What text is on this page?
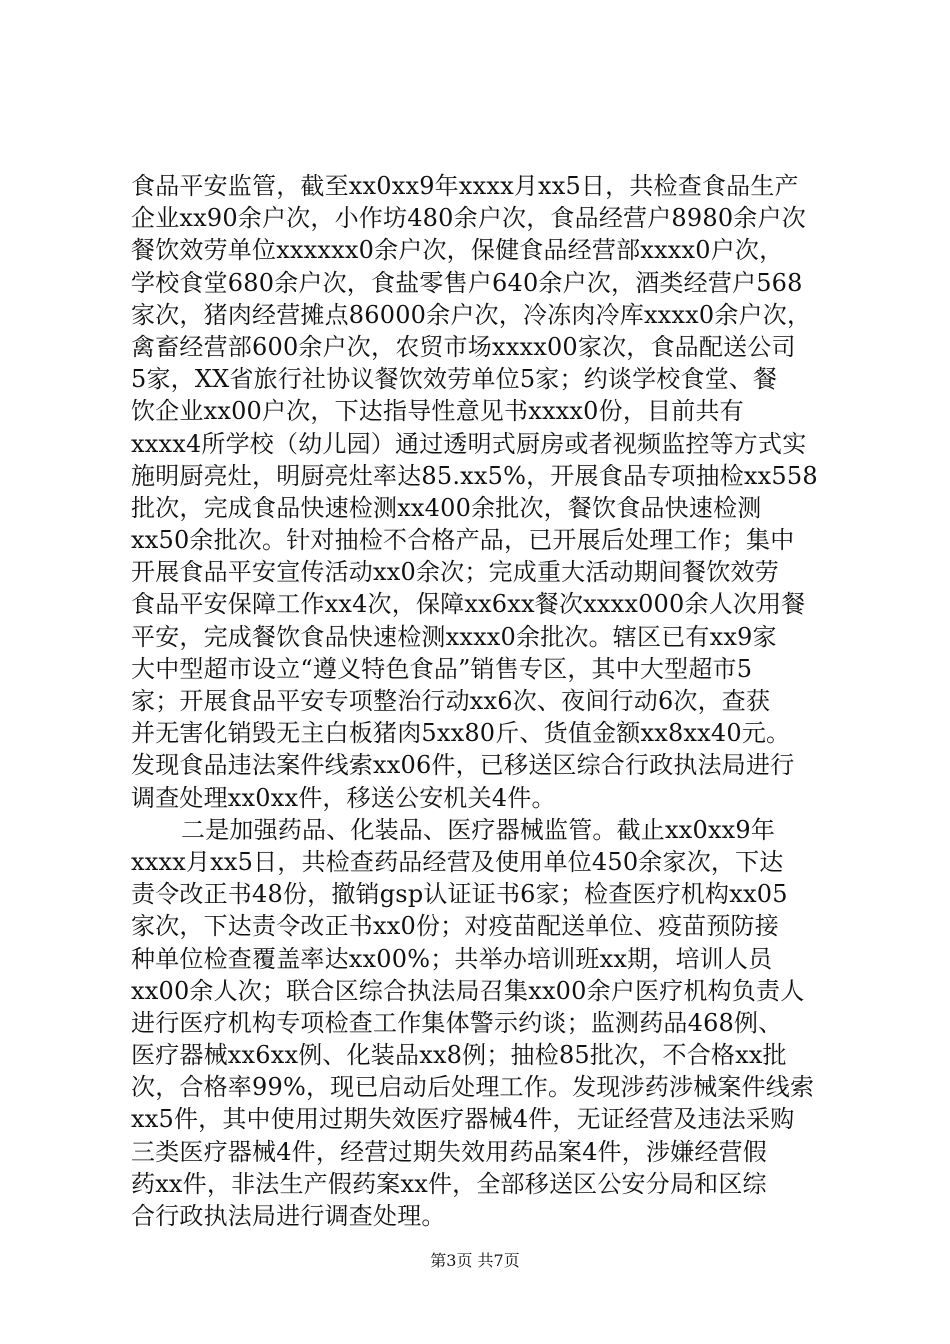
食品平安监管，截至xx0xx9年xxxx月xx5日，共检查食品生产
企业xx90余户次，小作坊480余户次，食品经营户8980余户次
餐饮效劳单位xxxxxx0余户次，保健食品经营部xxxx0户次，
学校食堂680余户次，食盐零售户640余户次，酒类经营户568
家次，猪肉经营摊点86000余户次，冷冻肉冷库xxxx0余户次，
禽畜经营部600余户次，农贸市场xxxx00家次，食品配送公司
5家，XX省旅行社协议餐饮效劳单位5家；约谈学校食堂、餐
饮企业xx00户次，下达指导性意见书xxxx0份，目前共有
xxxx4所学校（幼儿园）通过透明式厨房或者视频监控等方式实
施明厨亮灶，明厨亮灶率达85.xx5%，开展食品专项抽检xx558
批次，完成食品快速检测xx400余批次，餐饮食品快速检测
xx50余批次。针对抽检不合格产品，已开展后处理工作；集中
开展食品平安宣传活动xx0余次；完成重大活动期间餐饮效劳
食品平安保障工作xx4次，保障xx6xx餐次xxxx000余人次用餐
平安，完成餐饮食品快速检测xxxx0余批次。辖区已有xx9家
大中型超市设立“遵义特色食品”销售专区，其中大型超市5
家；开展食品平安专项整治行动xx6次、夜间行动6次，查获
并无害化销毁无主白板猪肉5xx80斤、货值金额xx8xx40元。
发现食品违法案件线索xx06件，已移送区综合行政执法局进行
调查处理xx0xx件，移送公安机关4件。
二是加强药品、化装品、医疗器械监管。截止xx0xx9年
xxxx月xx5日，共检查药品经营及使用单位450余家次，下达
责令改正书48份，撤销gsp认证证书6家；检查医疗机构xx05
家次，下达责令改正书xx0份；对疫苗配送单位、疫苗预防接
种单位检查覆盖率达xx00%；共举办培训班xx期，培训人员
xx00余人次；联合区综合执法局召集xx00余户医疗机构负责人
进行医疗机构专项检查工作集体警示约谈；监测药品468例、
医疗器械xx6xx例、化装品xx8例；抽检85批次，不合格xx批
次，合格率99%，现已启动后处理工作。发现涉药涉械案件线索
xx5件，其中使用过期失效医疗器械4件，无证经营及违法采购
三类医疗器械4件，经营过期失效用药品案4件，涉嫌经营假
药xx件，非法生产假药案xx件，全部移送区公安分局和区综
合行政执法局进行调查处理。
第3页 共7页
